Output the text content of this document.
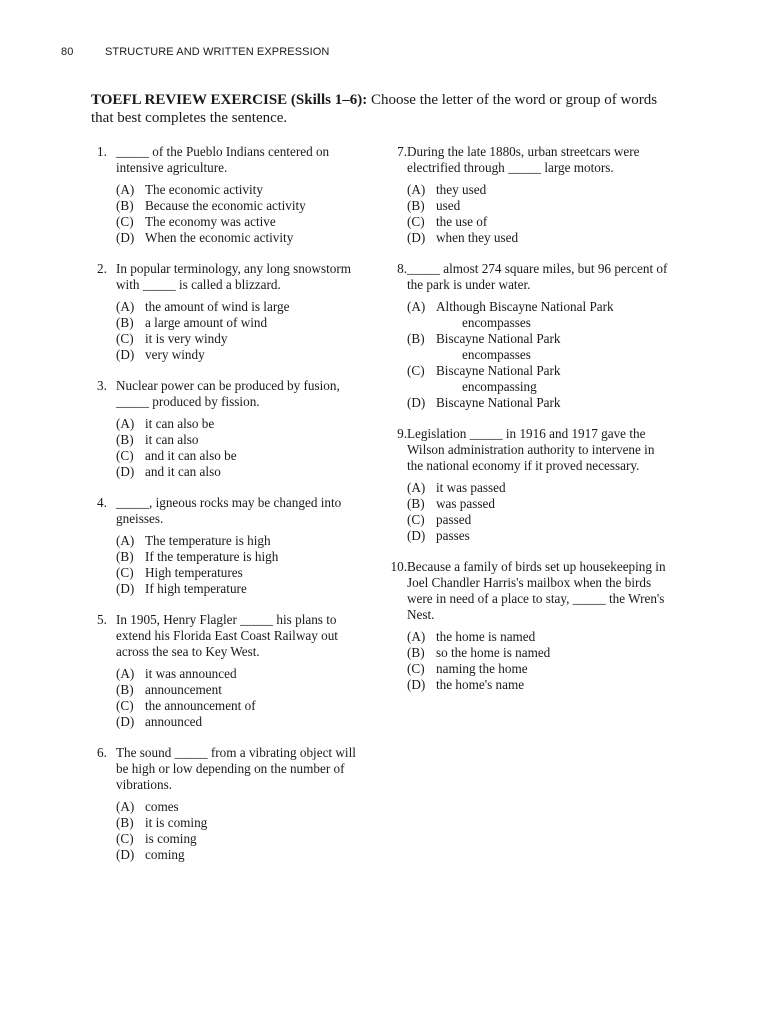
80	STRUCTURE AND WRITTEN EXPRESSION
TOEFL REVIEW EXERCISE (Skills 1–6): Choose the letter of the word or group of words that best completes the sentence.
1. _____ of the Pueblo Indians centered on intensive agriculture.
(A) The economic activity
(B) Because the economic activity
(C) The economy was active
(D) When the economic activity
2. In popular terminology, any long snowstorm with _____ is called a blizzard.
(A) the amount of wind is large
(B) a large amount of wind
(C) it is very windy
(D) very windy
3. Nuclear power can be produced by fusion, _____ produced by fission.
(A) it can also be
(B) it can also
(C) and it can also be
(D) and it can also
4. _____, igneous rocks may be changed into gneisses.
(A) The temperature is high
(B) If the temperature is high
(C) High temperatures
(D) If high temperature
5. In 1905, Henry Flagler _____ his plans to extend his Florida East Coast Railway out across the sea to Key West.
(A) it was announced
(B) announcement
(C) the announcement of
(D) announced
6. The sound _____ from a vibrating object will be high or low depending on the number of vibrations.
(A) comes
(B) it is coming
(C) is coming
(D) coming
7. During the late 1880s, urban streetcars were electrified through _____ large motors.
(A) they used
(B) used
(C) the use of
(D) when they used
8. _____ almost 274 square miles, but 96 percent of the park is under water.
(A) Although Biscayne National Park
encompasses
(B) Biscayne National Park
encompasses
(C) Biscayne National Park
encompassing
(D) Biscayne National Park
9. Legislation _____ in 1916 and 1917 gave the Wilson administration authority to intervene in the national economy if it proved necessary.
(A) it was passed
(B) was passed
(C) passed
(D) passes
10. Because a family of birds set up housekeeping in Joel Chandler Harris's mailbox when the birds were in need of a place to stay, _____ the Wren's Nest.
(A) the home is named
(B) so the home is named
(C) naming the home
(D) the home's name
